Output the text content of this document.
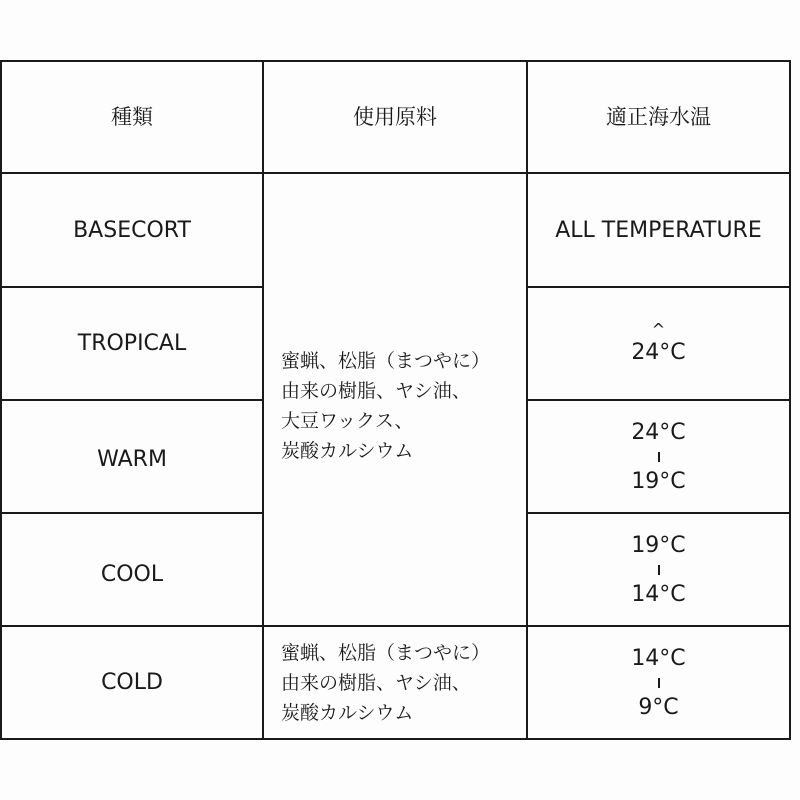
種類	使用原料	適正海水温
BASECORT
TROPICAL
WARM
COOL
COLD
蜜蝋、松脂（まつやに）
由来の樹脂、ヤシ油、
大豆ワックス、
炭酸カルシウム
蜜蝋、松脂（まつやに）
由来の樹脂、ヤシ油、
炭酸カルシウム
ALL TEMPERATURE
^
24°C
24°C
19°C
19°C
14°C
14°C
9°C
